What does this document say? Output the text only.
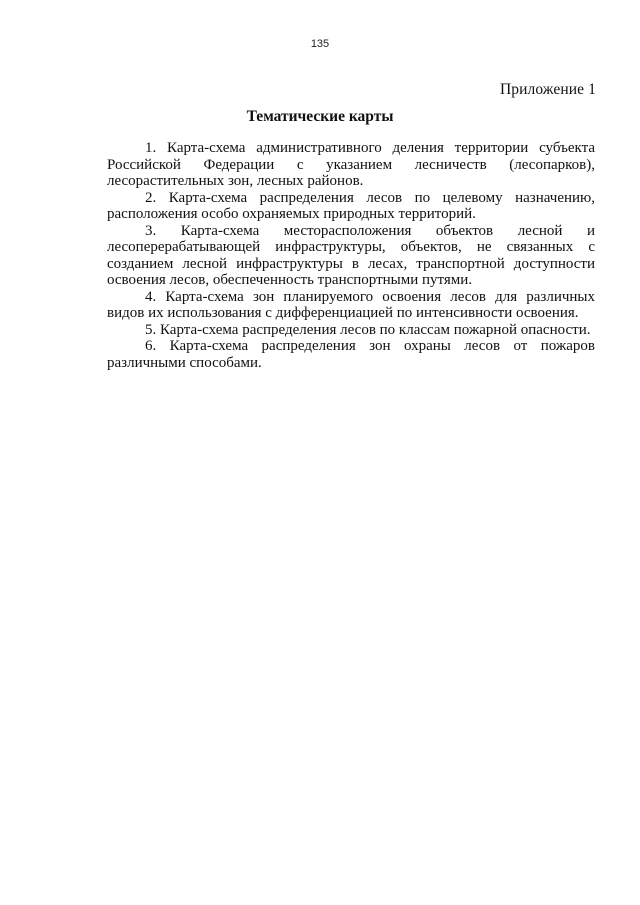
135
Приложение 1
Тематические карты

1. Карта-схема административного деления территории субъекта Российской Федерации с указанием лесничеств (лесопарков), лесорастительных зон, лесных районов.

2. Карта-схема распределения лесов по целевому назначению, расположения особо охраняемых природных территорий.

3. Карта-схема месторасположения объектов лесной и лесоперерабатывающей инфраструктуры, объектов, не связанных с созданием лесной инфраструктуры в лесах, транспортной доступности освоения лесов, обеспеченность транспортными путями.

4. Карта-схема зон планируемого освоения лесов для различных видов их использования с дифференциацией по интенсивности освоения.

5. Карта-схема распределения лесов по классам пожарной опасности.

6. Карта-схема распределения зон охраны лесов от пожаров различными способами.
